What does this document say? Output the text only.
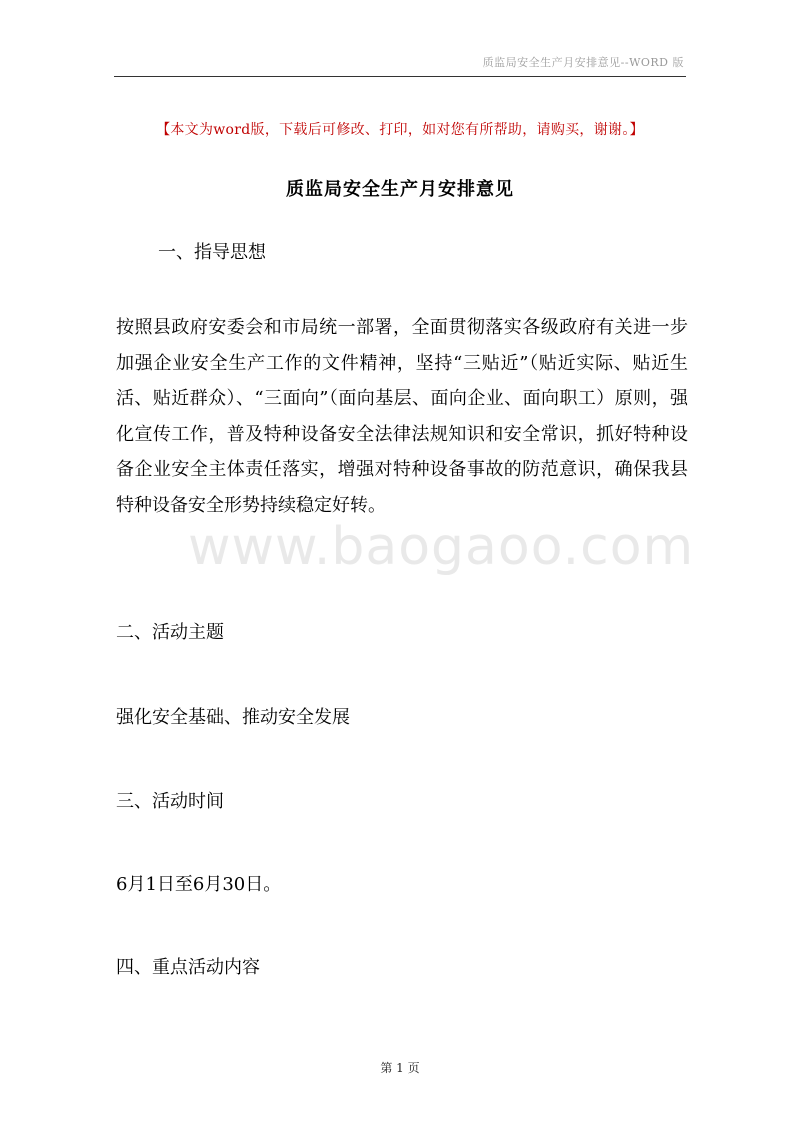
www.baogaoo.com
质监局安全生产月安排意见--WORD 版
【本文为word版，下载后可修改、打印，如对您有所帮助，请购买，谢谢。】
质监局安全生产月安排意见
一、指导思想
按照县政府安委会和市局统一部署，全面贯彻落实各级政府有关进一步加强企业安全生产工作的文件精神，坚持“三贴近”（贴近实际、贴近生活、贴近群众）、“三面向”（面向基层、面向企业、面向职工）原则，强化宣传工作，普及特种设备安全法律法规知识和安全常识，抓好特种设备企业安全主体责任落实，增强对特种设备事故的防范意识，确保我县特种设备安全形势持续稳定好转。
二、活动主题
强化安全基础、推动安全发展
三、活动时间
6月1日至6月30日。
四、重点活动内容
第 1 页
